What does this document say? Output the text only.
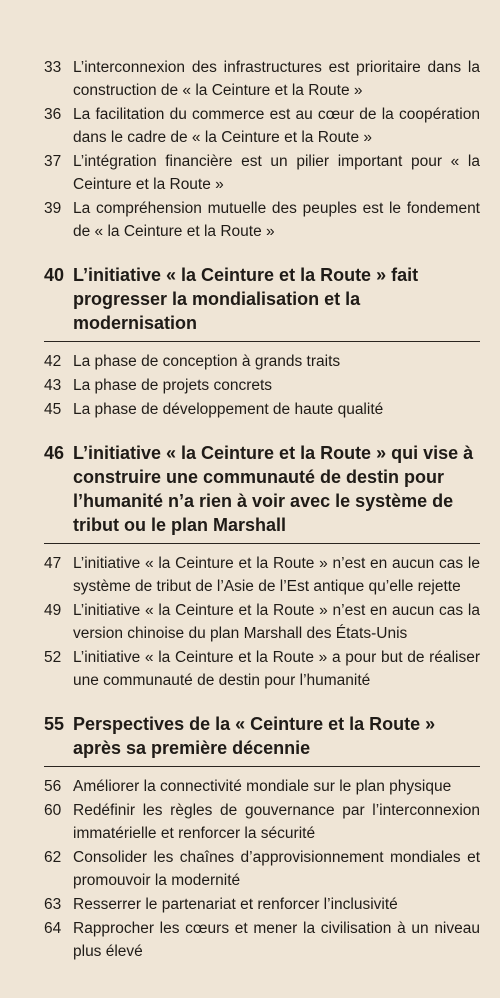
33 L’interconnexion des infrastructures est prioritaire dans la construction de « la Ceinture et la Route »
36 La facilitation du commerce est au cœur de la coopération dans le cadre de « la Ceinture et la Route »
37 L’intégration financière est un pilier important pour « la Ceinture et la Route »
39 La compréhension mutuelle des peuples est le fondement de « la Ceinture et la Route »
40 L’initiative « la Ceinture et la Route » fait progresser la mondialisation et la modernisation
42 La phase de conception à grands traits
43 La phase de projets concrets
45 La phase de développement de haute qualité
46 L’initiative « la Ceinture et la Route » qui vise à construire une communauté de destin pour l’humanité n’a rien à voir avec le système de tribut ou le plan Marshall
47 L’initiative « la Ceinture et la Route » n’est en aucun cas le système de tribut de l’Asie de l’Est antique qu’elle rejette
49 L’initiative « la Ceinture et la Route » n’est en aucun cas la version chinoise du plan Marshall des États-Unis
52 L’initiative « la Ceinture et la Route » a pour but de réaliser une communauté de destin pour l’humanité
55 Perspectives de la « Ceinture et la Route » après sa première décennie
56 Améliorer la connectivité mondiale sur le plan physique
60 Redéfinir les règles de gouvernance par l’interconnexion immatérielle et renforcer la sécurité
62 Consolider les chaînes d’approvisionnement mondiales et promouvoir la modernité
63 Resserrer le partenariat et renforcer l’inclusivité
64 Rapprocher les cœurs et mener la civilisation à un niveau plus élevé
